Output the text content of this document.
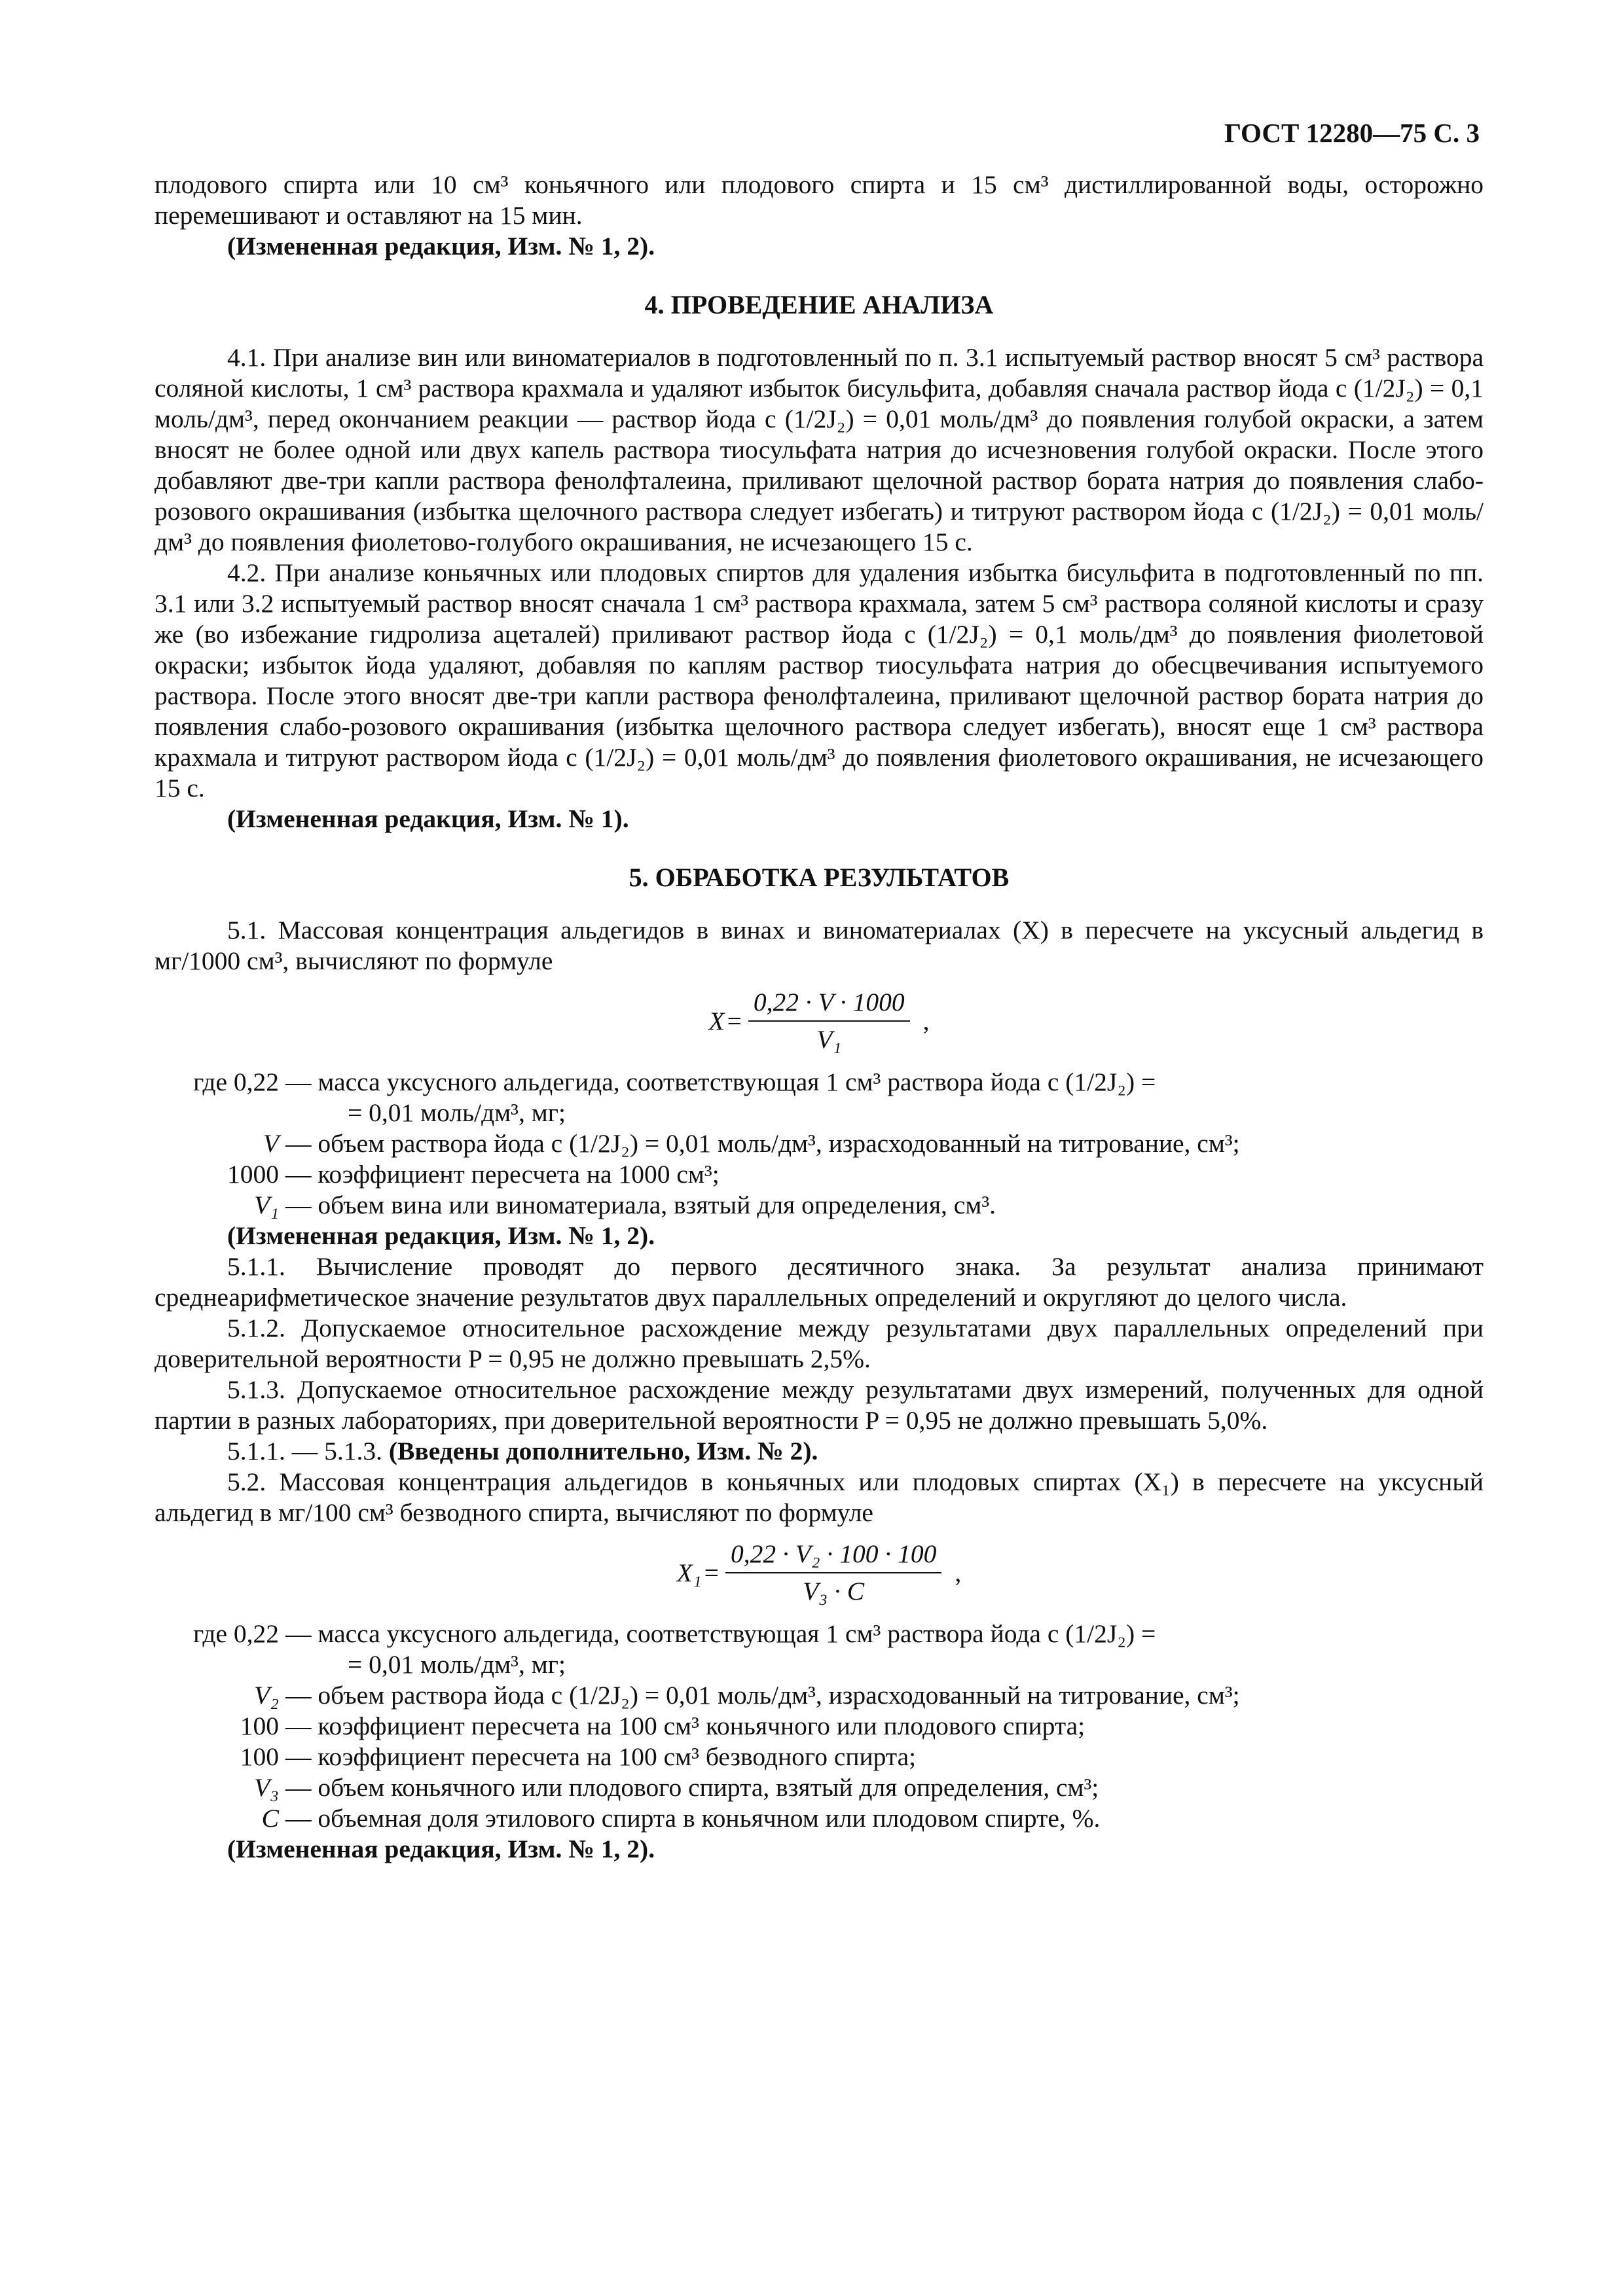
ГОСТ 12280—75 С. 3

плодового спирта или 10 см³ коньячного или плодового спирта и 15 см³ дистиллированной воды, осторожно перемешивают и оставляют на 15 мин.

(Измененная редакция, Изм. № 1, 2).

4. ПРОВЕДЕНИЕ АНАЛИЗА

4.1. При анализе вин или виноматериалов в подготовленный по п. 3.1 испытуемый раствор вносят 5 см³ раствора соляной кислоты, 1 см³ раствора крахмала и удаляют избыток бисульфита, добавляя сначала раствор йода c (1/2J₂) = 0,1 моль/дм³, перед окончанием реакции — раствор йода c (1/2J₂) = 0,01 моль/дм³ до появления голубой окраски, а затем вносят не более одной или двух капель раствора тиосульфата натрия до исчезновения голубой окраски. После этого добавляют две-три капли раствора фенолфталеина, приливают щелочной раствор бората натрия до появления слабо-розового окрашивания (избытка щелочного раствора следует избегать) и титруют раствором йода c (1/2J₂) = 0,01 моль/дм³ до появления фиолетово-голубого окрашивания, не исчезающего 15 с.

4.2. При анализе коньячных или плодовых спиртов для удаления избытка бисульфита в подготовленный по пп. 3.1 или 3.2 испытуемый раствор вносят сначала 1 см³ раствора крахмала, затем 5 см³ раствора соляной кислоты и сразу же (во избежание гидролиза ацеталей) приливают раствор йода c (1/2J₂) = 0,1 моль/дм³ до появления фиолетовой окраски; избыток йода удаляют, добавляя по каплям раствор тиосульфата натрия до обесцвечивания испытуемого раствора. После этого вносят две-три капли раствора фенолфталеина, приливают щелочной раствор бората натрия до появления слабо-розового окрашивания (избытка щелочного раствора следует избегать), вносят еще 1 см³ раствора крахмала и титруют раствором йода c (1/2J₂) = 0,01 моль/дм³ до появления фиолетового окрашивания, не исчезающего 15 с.

(Измененная редакция, Изм. № 1).

5. ОБРАБОТКА РЕЗУЛЬТАТОВ

5.1. Массовая концентрация альдегидов в винах и виноматериалах (X) в пересчете на уксусный альдегид в мг/1000 см³, вычисляют по формуле

$X = \frac{0,22 \cdot V \cdot 1000}{\text{V₁}}$ ,
где 0,22 — масса уксусного альдегида, соответствующая 1 см³ раствора йода c (1/2J₂) =
= 0,01 моль/дм³, мг;
V — объем раствора йода c (1/2J₂) = 0,01 моль/дм³, израсходованный на титрование, см³;
1000 — коэффициент пересчета на 1000 см³;
V₁ — объем вина или виноматериала, взятый для определения, см³.

(Измененная редакция, Изм. № 1, 2).

5.1.1. Вычисление проводят до первого десятичного знака. За результат анализа принимают среднеарифметическое значение результатов двух параллельных определений и округляют до целого числа.

5.1.2. Допускаемое относительное расхождение между результатами двух параллельных определений при доверительной вероятности P = 0,95 не должно превышать 2,5%.

5.1.3. Допускаемое относительное расхождение между результатами двух измерений, полученных для одной партии в разных лабораториях, при доверительной вероятности P = 0,95 не должно превышать 5,0%.

5.1.1. — 5.1.3. (Введены дополнительно, Изм. № 2).

5.2. Массовая концентрация альдегидов в коньячных или плодовых спиртах (X₁) в пересчете на уксусный альдегид в мг/100 см³ безводного спирта, вычисляют по формуле

$X_1 = \frac{\text{0,22 · V₂ · 100 · 100}}{\text{V₃ · C}}$ ,
где 0,22 — масса уксусного альдегида, соответствующая 1 см³ раствора йода c (1/2J₂) =
= 0,01 моль/дм³, мг;
V₂ — объем раствора йода c (1/2J₂) = 0,01 моль/дм³, израсходованный на титрование, см³;
100 — коэффициент пересчета на 100 см³ коньячного или плодового спирта;
100 — коэффициент пересчета на 100 см³ безводного спирта;
V₃ — объем коньячного или плодового спирта, взятый для определения, см³;
C — объемная доля этилового спирта в коньячном или плодовом спирте, %.

(Измененная редакция, Изм. № 1, 2).
